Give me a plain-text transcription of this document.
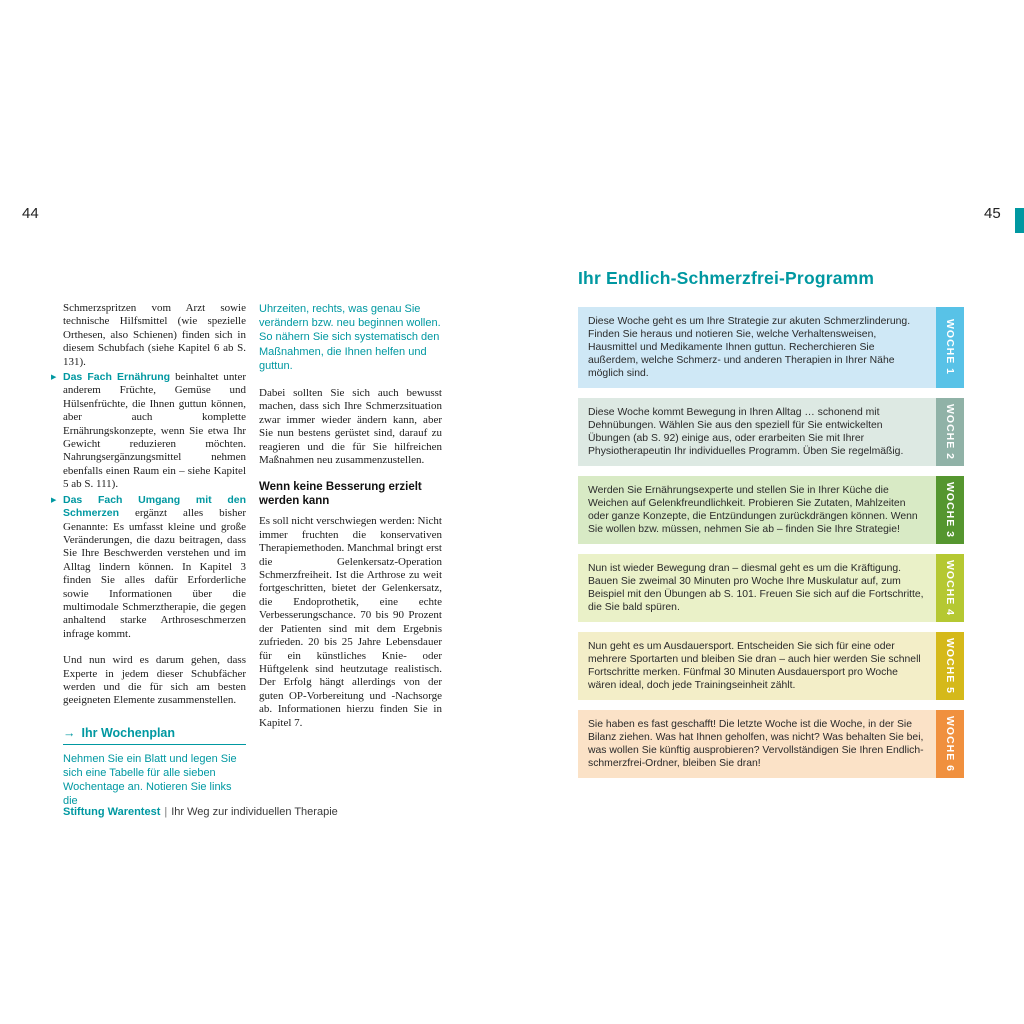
44	45

Schmerzspritzen vom Arzt sowie technische Hilfsmittel (wie spezielle Orthesen, also Schienen) finden sich in diesem Schubfach (siehe Kapitel 6 ab S. 131).

▶ Das Fach Ernährung beinhaltet unter anderem Früchte, Gemüse und Hülsenfrüchte, die Ihnen guttun können, aber auch komplette Ernährungskonzepte, wenn Sie etwa Ihr Gewicht reduzieren möchten. Nahrungsergänzungsmittel nehmen ebenfalls einen Raum ein – siehe Kapitel 5 ab S. 111).

▶ Das Fach Umgang mit den Schmerzen ergänzt alles bisher Genannte: Es umfasst kleine und große Veränderungen, die dazu beitragen, dass Sie Ihre Beschwerden verstehen und im Alltag lindern können. In Kapitel 3 finden Sie alles dafür Erforderliche sowie Informationen über die multimodale Schmerztherapie, die gegen anhaltend starke Arthroseschmerzen infrage kommt.

Und nun wird es darum gehen, dass Experte in jedem dieser Schubfächer werden und die für sich am besten geeigneten Elemente zusammenstellen.

→ Ihr Wochenplan

Nehmen Sie ein Blatt und legen Sie sich eine Tabelle für alle sieben Wochentage an. Notieren Sie links die

Uhrzeiten, rechts, was genau Sie verändern bzw. neu beginnen wollen. So nähern Sie sich systematisch den Maßnahmen, die Ihnen helfen und guttun.

Dabei sollten Sie sich auch bewusst machen, dass sich Ihre Schmerzsituation zwar immer wieder ändern kann, aber Sie nun bestens gerüstet sind, darauf zu reagieren und die für Sie hilfreichen Maßnahmen neu zusammenzustellen.

Wenn keine Besserung erzielt werden kann

Es soll nicht verschwiegen werden: Nicht immer fruchten die konservativen Therapiemethoden. Manchmal bringt erst die Gelenkersatz-Operation Schmerzfreiheit. Ist die Arthrose zu weit fortgeschritten, bietet der Gelenkersatz, die Endoprothetik, eine echte Verbesserungschance. 70 bis 90 Prozent der Patienten sind mit dem Ergebnis zufrieden. 20 bis 25 Jahre Lebensdauer für ein künstliches Knie- oder Hüftgelenk sind heutzutage realistisch. Der Erfolg hängt allerdings von der guten OP-Vorbereitung und -Nachsorge ab. Informationen hierzu finden Sie in Kapitel 7.

Stiftung Warentest | Ihr Weg zur individuellen Therapie
Ihr Endlich-Schmerzfrei-Programm
Diese Woche geht es um Ihre Strategie zur akuten Schmerzlinderung. Finden Sie heraus und notieren Sie, welche Verhaltensweisen, Hausmittel und Medikamente Ihnen guttun. Recherchieren Sie außerdem, welche Schmerz- und anderen Therapien in Ihrer Nähe möglich sind.	WOCHE 1
Diese Woche kommt Bewegung in Ihren Alltag … schonend mit Dehnübungen. Wählen Sie aus den speziell für Sie entwickelten Übungen (ab S. 92) einige aus, oder erarbeiten Sie mit Ihrer Physiotherapeutin Ihr individuelles Programm. Üben Sie regelmäßig.	WOCHE 2
Werden Sie Ernährungsexperte und stellen Sie in Ihrer Küche die Weichen auf Gelenkfreundlichkeit. Probieren Sie Zutaten, Mahlzeiten oder ganze Konzepte, die Entzündungen zurückdrängen können. Wenn Sie wollen bzw. müssen, nehmen Sie ab – finden Sie Ihre Strategie!	WOCHE 3
Nun ist wieder Bewegung dran – diesmal geht es um die Kräftigung. Bauen Sie zweimal 30 Minuten pro Woche Ihre Muskulatur auf, zum Beispiel mit den Übungen ab S. 101. Freuen Sie sich auf die Fortschritte, die Sie bald spüren.	WOCHE 4
Nun geht es um Ausdauersport. Entscheiden Sie sich für eine oder mehrere Sportarten und bleiben Sie dran – auch hier werden Sie schnell Fortschritte merken. Fünfmal 30 Minuten Ausdauersport pro Woche wären ideal, doch jede Trainingseinheit zählt.	WOCHE 5
Sie haben es fast geschafft! Die letzte Woche ist die Woche, in der Sie Bilanz ziehen. Was hat Ihnen geholfen, was nicht? Was behalten Sie bei, was wollen Sie künftig ausprobieren? Vervollständigen Sie Ihren Endlich-schmerzfrei-Ordner, bleiben Sie dran!	WOCHE 6
